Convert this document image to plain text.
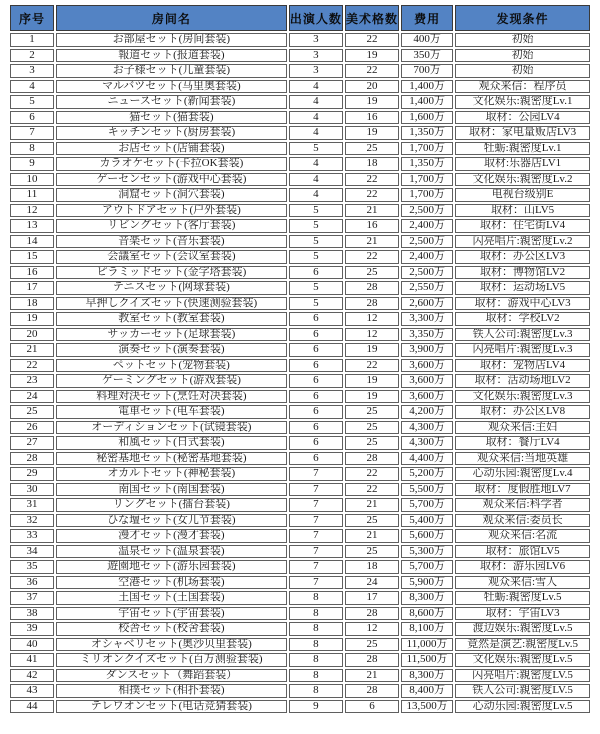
序号	房间名	出演人数	美术格数	费用	发现条件
1	お部屋セット(房间套装)	3	22	400万	初始
2	報道セット(报道套装)	3	19	350万	初始
3	お子様セット(儿童套装)	3	22	700万	初始
4	マルバツセット(马里奥套装)	4	20	1,400万	观众来信：程序员
5	ニュースセット(新闻套装)	4	19	1,400万	文化娱乐:親密度Lv.1
6	猫セット(猫套装)	4	16	1,600万	取材：公园LV4
7	キッチンセット(厨房套装)	4	19	1,350万	取材：家电量贩店LV3
8	お店セット(店铺套装)	5	25	1,700万	牡蛎:親密度Lv.1
9	カラオケセット(卡拉OK套装)	4	18	1,350万	取材:乐器店LV1
10	ゲーセンセット(游戏中心套装)	4	22	1,700万	文化娱乐:親密度Lv.2
11	洞窟セット(洞穴套装)	4	22	1,700万	电视台级别E
12	アウトドアセット(户外套装)	5	21	2,500万	取材：山LV5
13	リビングセット(客厅套装)	5	16	2,400万	取材：住宅街LV4
14	音楽セット(音乐套装)	5	21	2,500万	闪亮唱片:親密度Lv.2
15	会議室セット(会议室套装)	5	22	2,400万	取材：办公区LV3
16	ピラミッドセット(金字塔套装)	6	25	2,500万	取材：博物馆LV2
17	テニスセット(网球套装)	5	28	2,550万	取材：运动场LV5
18	早押しクイズセット(快速测验套装)	5	28	2,600万	取材：游戏中心LV3
19	教室セット(教室套装)	6	12	3,300万	取材：学校LV2
20	サッカーセット(足球套装)	6	12	3,350万	铁人公司:親密度Lv.3
21	演奏セット(演奏套装)	6	19	3,900万	闪亮唱片:親密度Lv.3
22	ペットセット(宠物套装)	6	22	3,600万	取材：宠物店LV4
23	ゲーミングセット(游戏套装)	6	19	3,600万	取材：活动场地LV2
24	料理対決セット(烹饪对决套装)	6	19	3,600万	文化娱乐:親密度Lv.3
25	電車セット(电车套装)	6	25	4,200万	取材：办公区LV8
26	オーディションセット(试镜套装)	6	25	4,300万	观众来信:主妇
27	和風セット(日式套装)	6	25	4,300万	取材：餐厅LV4
28	秘密基地セット(秘密基地套装)	6	28	4,400万	观众来信:当地英雄
29	オカルトセット(神秘套装)	7	22	5,200万	心动乐园:親密度Lv.4
30	南国セット(南国套装)	7	22	5,500万	取材：度假胜地LV7
31	リングセット(擂台套装)	7	21	5,700万	观众来信:科学者
32	ひな壇セット(女儿节套装)	7	25	5,400万	观众来信:委员长
33	漫才セット(漫才套装)	7	21	5,600万	观众来信:名流
34	温泉セット(温泉套装)	7	25	5,300万	取材：旅馆LV5
35	遊園地セット(游乐园套装)	7	18	5,700万	取材：游乐园LV6
36	空港セット(机场套装)	7	24	5,900万	观众来信:雪人
37	王国セット(王国套装)	8	17	8,300万	牡蛎:親密度Lv.5
38	宇宙セット(宇宙套装)	8	28	8,600万	取材：宇宙LV3
39	校舎セット(校舍套装)	8	12	8,100万	渡边娱乐:親密度Lv.5
40	オシャベリセット(奥沙贝里套装)	8	25	11,000万	竟然是演艺:親密度Lv.5
41	ミリオンクイズセット(百万测验套装)	8	28	11,500万	文化娱乐:親密度Lv.5
42	ダンスセット（舞蹈套装）	8	21	8,300万	闪亮唱片:親密度LV.5
43	相撲セット(相扑套装)	8	28	8,400万	铁人公司:親密度LV.5
44	テレワオンセット(电话竞猜套装)	9	6	13,500万	心动乐园:親密度Lv.5
